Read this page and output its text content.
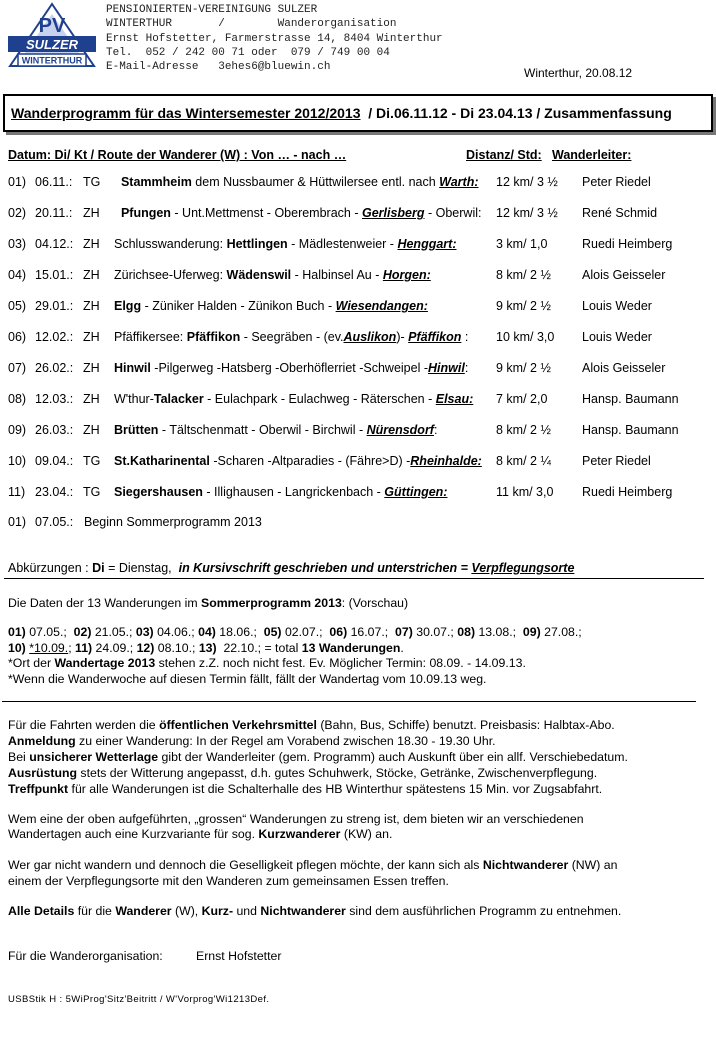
PV
SULZER
WINTERTHUR
PENSIONIERTEN-VEREINIGUNG SULZER
WINTERTHUR       /        Wanderorganisation
Ernst Hofstetter, Farmerstrasse 14, 8404 Winterthur
Tel.  052 / 242 00 71 oder  079 / 749 00 04
E-Mail-Adresse   3ehes6@bluewin.ch	Winterthur, 20.08.12
Wanderprogramm für das Wintersemester 2012/2013  / Di.06.11.12 - Di 23.04.13 / Zusammenfassung
Datum: Di/ Kt / Route der Wanderer (W) : Von … - nach …	Distanz/ Std: Wanderleiter:
01) 06.11.: TG	Stammheim dem Nussbaumer & Hüttwilersee entl. nach Wart​h: 12 km/ 3 ½ Peter Riedel
02) 20.11.: ZH	Pfungen - Unt.Mettmenst - Oberembrach - Gerlisberg - Oberwil: 12 km/ 3 ½ René Schmid
03) 04.12.: ZH Schlusswanderung: Hettlingen - Mädlestenweier - Henggart:	3 km/ 1,0	Ruedi Heimberg
04) 15.01.: ZH Zürichsee-Uferweg: Wädenswil - Halbinsel Au - Horgen:	8 km/ 2 ½ Alois Geisseler
05) 29.01.: ZH Elgg - Züniker Halden - Zünikon Buch - Wiesendangen:	9 km/ 2 ½ Louis Weder
06) 12.02.: ZH Pfäffikersee: Pfäffikon - Seegräben - (ev.Auslikon)- Pfäffikon : 10 km/ 3,0 Louis Weder
07) 26.02.: ZH Hinwil -Pilgerweg -Hatsberg -Oberhöflerriet -Schweipel -Hinwil: 9 km/ 2 ½ Alois Geisseler
08) 12.03.: ZH W'thur-Talacker - Eulachpark - Eulachweg - Räterschen - Elsau: 7 km/ 2,0	Hansp. Baumann
09) 26.03.: ZH Brütten - Tältschenmatt - Oberwil - Birchwil - Nürensdorf:	8 km/ 2 ½ Hansp. Baumann
10) 09.04.: TG St.Katharinental -Scharen -Altparadies - (Fähre>D) -Rheinhalde: 8 km/ 2 ¼ Peter Riedel
11) 23.04.: TG Siegershausen - Illighausen - Langrickenbach - Güttingen:	11 km/ 3,0 Ruedi Heimberg
01) 07.05.: Beginn Sommerprogramm 2013
Abkürzungen : Di = Dienstag,  in Kursivschrift geschrieben und unterstrichen = Verpflegungsorte
Die Daten der 13 Wanderungen im Sommerprogramm 2013: (Vorschau)
01) 07.05.;  02) 21.05.; 03) 04.06.; 04) 18.06.;  05) 02.07.;  06) 16.07.;  07) 30.07.; 08) 13.08.;  09) 27.08.;
10) *10.09.; 11) 24.09.; 12) 08.10.; 13)  22.10.; = total 13 Wanderungen.
*Ort der Wandertage 2013 stehen z.Z. noch nicht fest. Ev. Möglicher Termin: 08.09. - 14.09.13.
*Wenn die Wanderwoche auf diesen Termin fällt, fällt der Wandertag vom 10.09.13 weg.
Für die Fahrten werden die öffentlichen Verkehrsmittel (Bahn, Bus, Schiffe) benutzt. Preisbasis: Halbtax-Abo.
Anmeldung zu einer Wanderung: In der Regel am Vorabend zwischen 18.30 - 19.30 Uhr.
Bei unsicherer Wetterlage gibt der Wanderleiter (gem. Programm) auch Auskunft über ein allf. Verschiebedatum.
Ausrüstung stets der Witterung angepasst, d.h. gutes Schuhwerk, Stöcke, Getränke, Zwischenverpflegung.
Treffpunkt für alle Wanderungen ist die Schalterhalle des HB Winterthur spätestens 15 Min. vor Zugsabfahrt.
Wem eine der oben aufgeführten, „grossen“ Wanderungen zu streng ist, dem bieten wir an verschiedenen
Wandertagen auch eine Kurzvariante für sog. Kurzwanderer (KW) an.
Wer gar nicht wandern und dennoch die Geselligkeit pflegen möchte, der kann sich als Nichtwanderer (NW) an
einem der Verpflegungsorte mit den Wanderen zum gemeinsamen Essen treffen.
Alle Details für die Wanderer (W), Kurz- und Nichtwanderer sind dem ausführlichen Programm zu entnehmen.
Für die Wanderorganisation:	Ernst Hofstetter
USBStik H : 5WiProg'Sitz'Beitritt / W'Vorprog'Wi1213Def.
